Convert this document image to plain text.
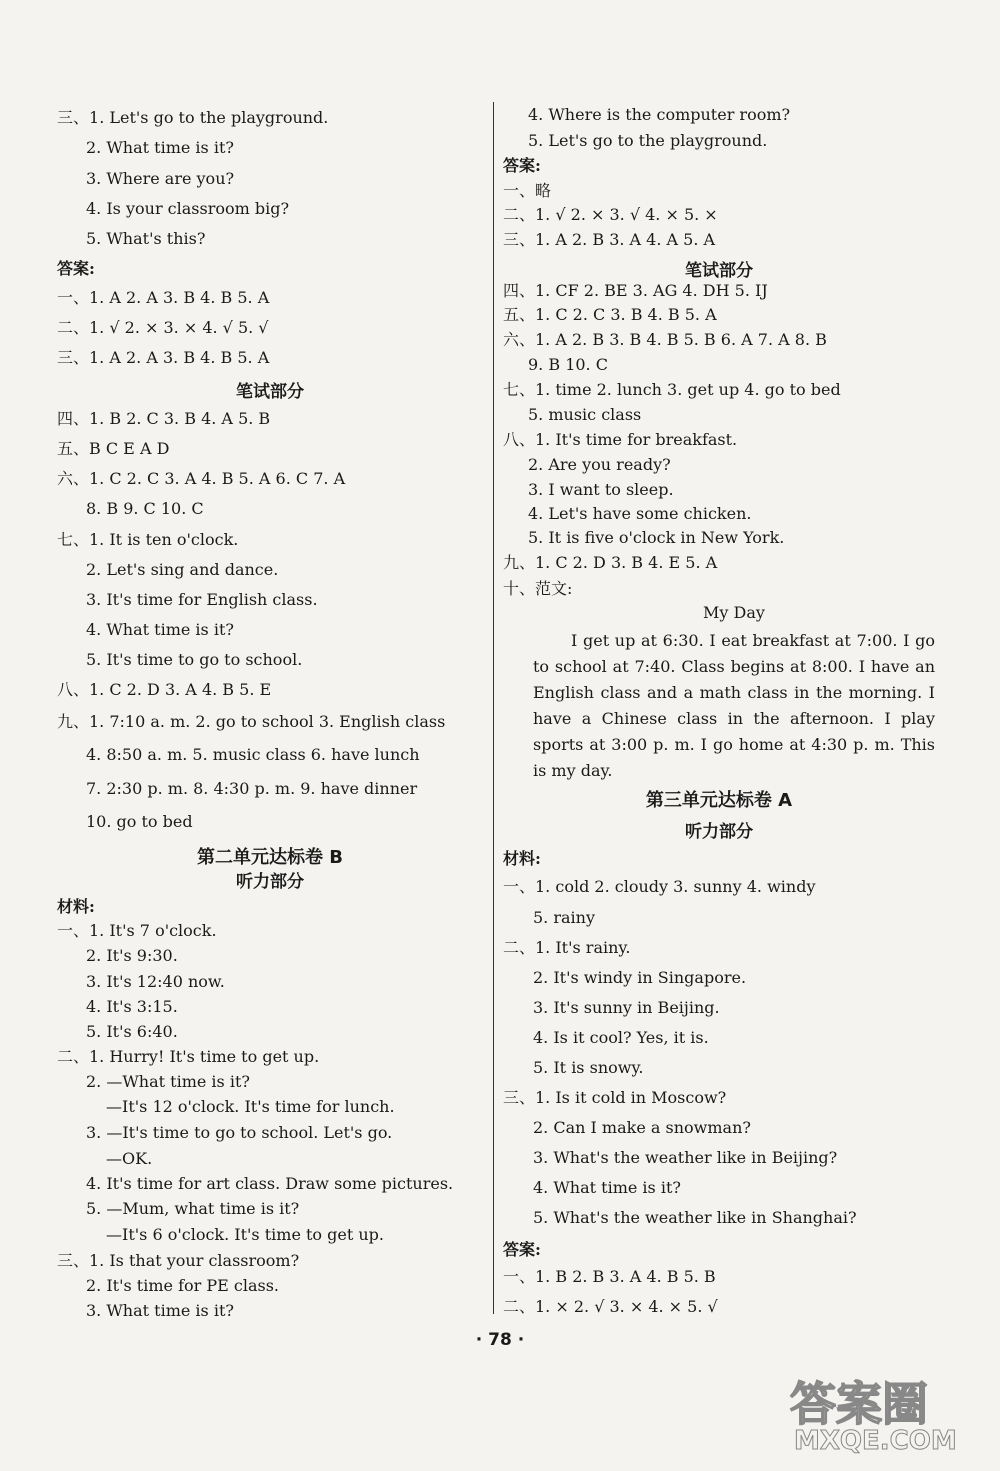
三、1. Let's go to the playground.
2. What time is it?
3. Where are you?
4. Is your classroom big?
5. What's this?
答案:
一、1. A 2. A 3. B 4. B 5. A
二、1. √ 2. × 3. × 4. √ 5. √
三、1. A 2. A 3. B 4. B 5. A
笔试部分
四、1. B 2. C 3. B 4. A 5. B
五、B C E A D
六、1. C 2. C 3. A 4. B 5. A 6. C 7. A
8. B 9. C 10. C
七、1. It is ten o'clock.
2. Let's sing and dance.
3. It's time for English class.
4. What time is it?
5. It's time to go to school.
八、1. C 2. D 3. A 4. B 5. E
九、1. 7:10 a. m. 2. go to school 3. English class
4. 8:50 a. m. 5. music class 6. have lunch
7. 2:30 p. m. 8. 4:30 p. m. 9. have dinner
10. go to bed
第二单元达标卷 B
听力部分
材料:
一、1. It's 7 o'clock.
2. It's 9:30.
3. It's 12:40 now.
4. It's 3:15.
5. It's 6:40.
二、1. Hurry! It's time to get up.
2. —What time is it?
—It's 12 o'clock. It's time for lunch.
3. —It's time to go to school. Let's go.
—OK.
4. It's time for art class. Draw some pictures.
5. —Mum, what time is it?
—It's 6 o'clock. It's time to get up.
三、1. Is that your classroom?
2. It's time for PE class.
3. What time is it?
4. Where is the computer room?
5. Let's go to the playground.
答案:
一、略
二、1. √ 2. × 3. √ 4. × 5. ×
三、1. A 2. B 3. A 4. A 5. A
笔试部分
四、1. CF 2. BE 3. AG 4. DH 5. IJ
五、1. C 2. C 3. B 4. B 5. A
六、1. A 2. B 3. B 4. B 5. B 6. A 7. A 8. B
9. B 10. C
七、1. time 2. lunch 3. get up 4. go to bed
5. music class
八、1. It's time for breakfast.
2. Are you ready?
3. I want to sleep.
4. Let's have some chicken.
5. It is five o'clock in New York.
九、1. C 2. D 3. B 4. E 5. A
十、范文:
My Day
I get up at 6:30. I eat breakfast at 7:00. I go to school at 7:40. Class begins at 8:00. I have an English class and a math class in the morning. I have a Chinese class in the afternoon. I play sports at 3:00 p. m. I go home at 4:30 p. m. This is my day.
第三单元达标卷 A
听力部分
材料:
一、1. cold 2. cloudy 3. sunny 4. windy
5. rainy
二、1. It's rainy.
2. It's windy in Singapore.
3. It's sunny in Beijing.
4. Is it cool? Yes, it is.
5. It is snowy.
三、1. Is it cold in Moscow?
2. Can I make a snowman?
3. What's the weather like in Beijing?
4. What time is it?
5. What's the weather like in Shanghai?
答案:
一、1. B 2. B 3. A 4. B 5. B
二、1. × 2. √ 3. × 4. × 5. √
· 78 ·
答案圈
MXQE.COM
